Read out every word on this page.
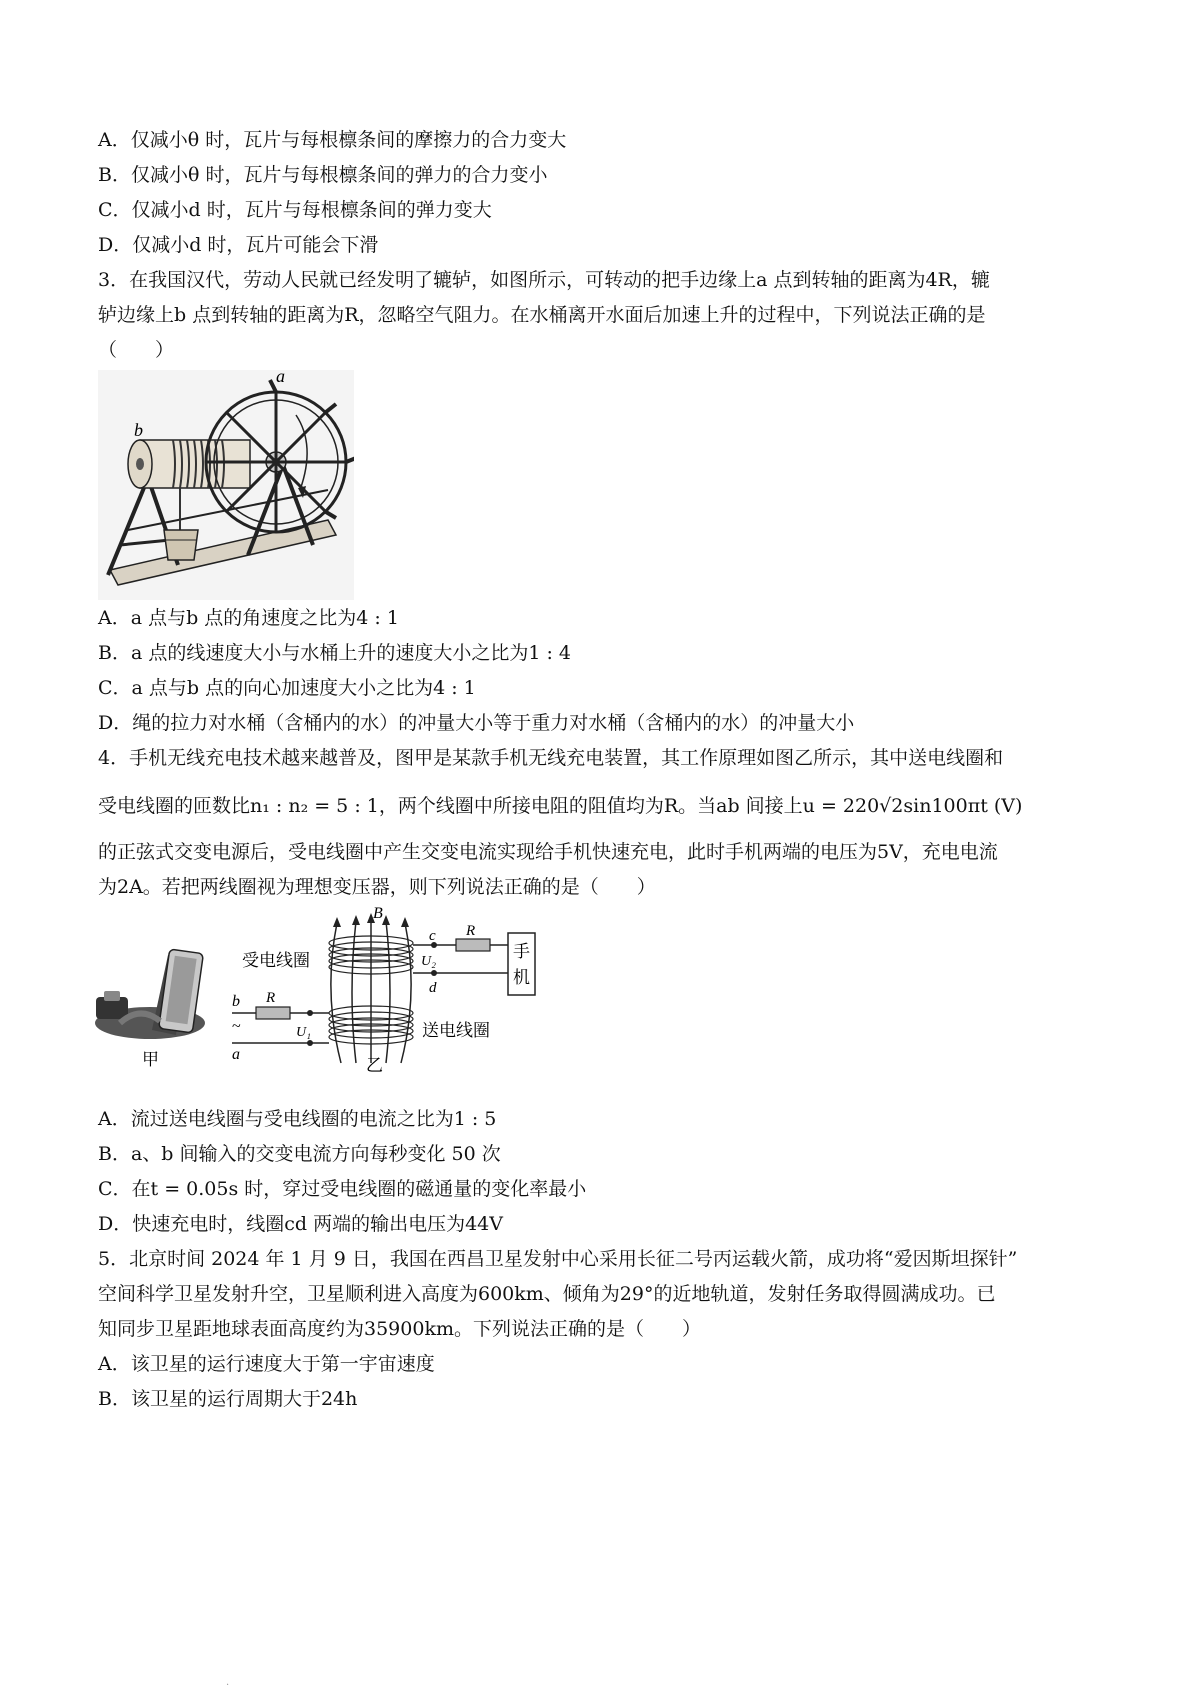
A．仅减小θ 时，瓦片与每根檩条间的摩擦力的合力变大
B．仅减小θ 时，瓦片与每根檩条间的弹力的合力变小
C．仅减小d 时，瓦片与每根檩条间的弹力变大
D．仅减小d 时，瓦片可能会下滑
3．在我国汉代，劳动人民就已经发明了辘轳，如图所示，可转动的把手边缘上a 点到转轴的距离为4R，辘
轳边缘上b 点到转轴的距离为R，忽略空气阻力。在水桶离开水面后加速上升的过程中，下列说法正确的是
（　　）
a
b
A．a 点与b 点的角速度之比为4 : 1
B．a 点的线速度大小与水桶上升的速度大小之比为1 : 4
C．a 点与b 点的向心加速度大小之比为4 : 1
D．绳的拉力对水桶（含桶内的水）的冲量大小等于重力对水桶（含桶内的水）的冲量大小
4．手机无线充电技术越来越普及，图甲是某款手机无线充电装置，其工作原理如图乙所示，其中送电线圈和
受电线圈的匝数比n₁ : n₂ = 5 : 1，两个线圈中所接电阻的阻值均为R。当ab 间接上u = 220√2sin100πt (V)
的正弦式交变电源后，受电线圈中产生交变电流实现给手机快速充电，此时手机两端的电压为5V，充电电流
为2A。若把两线圈视为理想变压器，则下列说法正确的是（　　）
甲
B
受电线圈
送电线圈
手
机
c
d
R
U₂
R
U₁
b
~
a
乙
A．流过送电线圈与受电线圈的电流之比为1 : 5
B．a、b 间输入的交变电流方向每秒变化 50 次
C．在t = 0.05s 时，穿过受电线圈的磁通量的变化率最小
D．快速充电时，线圈cd 两端的输出电压为44V
5．北京时间 2024 年 1 月 9 日，我国在西昌卫星发射中心采用长征二号丙运载火箭，成功将“爱因斯坦探针”
空间科学卫星发射升空，卫星顺利进入高度为600km、倾角为29°的近地轨道，发射任务取得圆满成功。已
知同步卫星距地球表面高度约为35900km。下列说法正确的是（　　）
A．该卫星的运行速度大于第一宇宙速度
B．该卫星的运行周期大于24h
.
